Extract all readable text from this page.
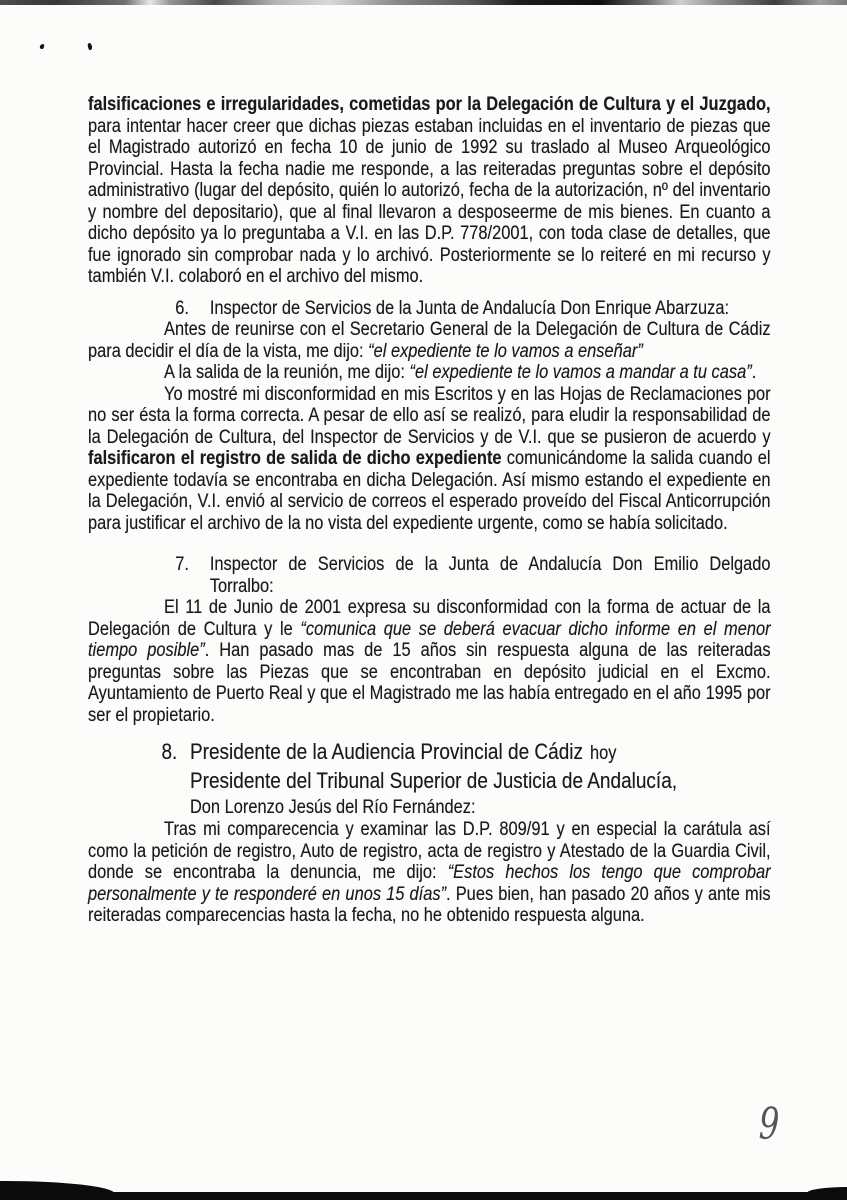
falsificaciones e irregularidades, cometidas por la Delegación de Cultura y el Juzgado, para intentar hacer creer que dichas piezas estaban incluidas en el inventario de piezas que el Magistrado autorizó en fecha 10 de junio de 1992 su traslado al Museo Arqueológico Provincial. Hasta la fecha nadie me responde, a las reiteradas preguntas sobre el depósito administrativo (lugar del depósito, quién lo autorizó, fecha de la autorización, nº del inventario y nombre del depositario), que al final llevaron a desposeerme de mis bienes. En cuanto a dicho depósito ya lo preguntaba a V.I. en las D.P. 778/2001, con toda clase de detalles, que fue ignorado sin comprobar nada y lo archivó. Posteriormente se lo reiteré en mi recurso y también V.I. colaboró en el archivo del mismo.

6. Inspector de Servicios de la Junta de Andalucía Don Enrique Abarzuza:

Antes de reunirse con el Secretario General de la Delegación de Cultura de Cádiz para decidir el día de la vista, me dijo: “el expediente te lo vamos a enseñar”

A la salida de la reunión, me dijo: “el expediente te lo vamos a mandar a tu casa”.

Yo mostré mi disconformidad en mis Escritos y en las Hojas de Reclamaciones por no ser ésta la forma correcta. A pesar de ello así se realizó, para eludir la responsabilidad de la Delegación de Cultura, del Inspector de Servicios y de V.I. que se pusieron de acuerdo y falsificaron el registro de salida de dicho expediente comunicándome la salida cuando el expediente todavía se encontraba en dicha Delegación. Así mismo estando el expediente en la Delegación, V.I. envió al servicio de correos el esperado proveído del Fiscal Anticorrupción para justificar el archivo de la no vista del expediente urgente, como se había solicitado.

7. Inspector de Servicios de la Junta de Andalucía Don Emilio Delgado Torralbo:

El 11 de Junio de 2001 expresa su disconformidad con la forma de actuar de la Delegación de Cultura y le “comunica que se deberá evacuar dicho informe en el menor tiempo posible”. Han pasado mas de 15 años sin respuesta alguna de las reiteradas preguntas sobre las Piezas que se encontraban en depósito judicial en el Excmo. Ayuntamiento de Puerto Real y que el Magistrado me las había entregado en el año 1995 por ser el propietario.

8. Presidente de la Audiencia Provincial de Cádiz hoy
Presidente del Tribunal Superior de Justicia de Andalucía,
Don Lorenzo Jesús del Río Fernández:

Tras mi comparecencia y examinar las D.P. 809/91 y en especial la carátula así como la petición de registro, Auto de registro, acta de registro y Atestado de la Guardia Civil, donde se encontraba la denuncia, me dijo: “Estos hechos los tengo que comprobar personalmente y te responderé en unos 15 días”. Pues bien, han pasado 20 años y ante mis reiteradas comparecencias hasta la fecha, no he obtenido respuesta alguna.

9
